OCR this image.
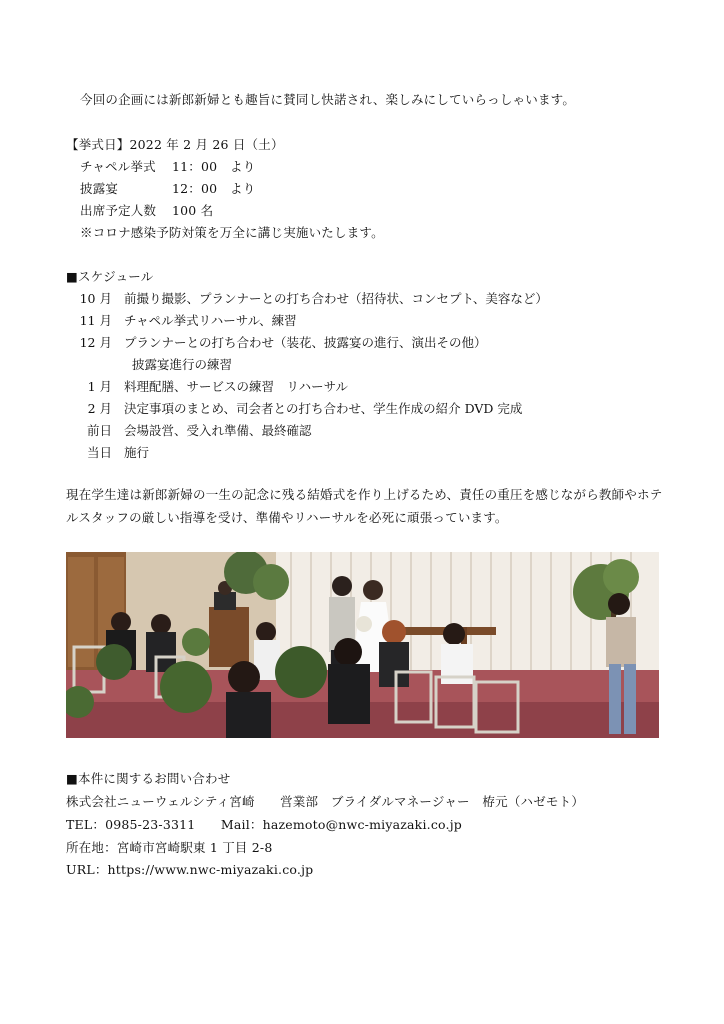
今回の企画には新郎新婦とも趣旨に賛同し快諾され、楽しみにしていらっしゃいます。
【挙式日】2022 年 2 月 26 日（土）
チャペル挙式 11：00 より
披露宴	12：00 より
出席予定人数 100 名
※コロナ感染予防対策を万全に講じ実施いたします。
■スケジュール
10 月 前撮り撮影、プランナーとの打ち合わせ（招待状、コンセプト、美容など）
11 月 チャペル挙式リハーサル、練習
12 月 プランナーとの打ち合わせ（装花、披露宴の進行、演出その他）
披露宴進行の練習
1 月 料理配膳、サービスの練習　リハーサル
2 月 決定事項のまとめ、司会者との打ち合わせ、学生作成の紹介 DVD 完成
前日 会場設営、受入れ準備、最終確認
当日 施行
現在学生達は新郎新婦の一生の記念に残る結婚式を作り上げるため、責任の重圧を感じながら教師やホテルスタッフの厳しい指導を受け、準備やリハーサルを必死に頑張っています。
■本件に関するお問い合わせ
株式会社ニューウェルシティ宮崎　　営業部　ブライダルマネージャー　栫元（ハゼモト）
TEL：0985-23-3311　　Mail：hazemoto@nwc-miyazaki.co.jp
所在地：宮崎市宮崎駅東 1 丁目 2-8
URL：https://www.nwc-miyazaki.co.jp
